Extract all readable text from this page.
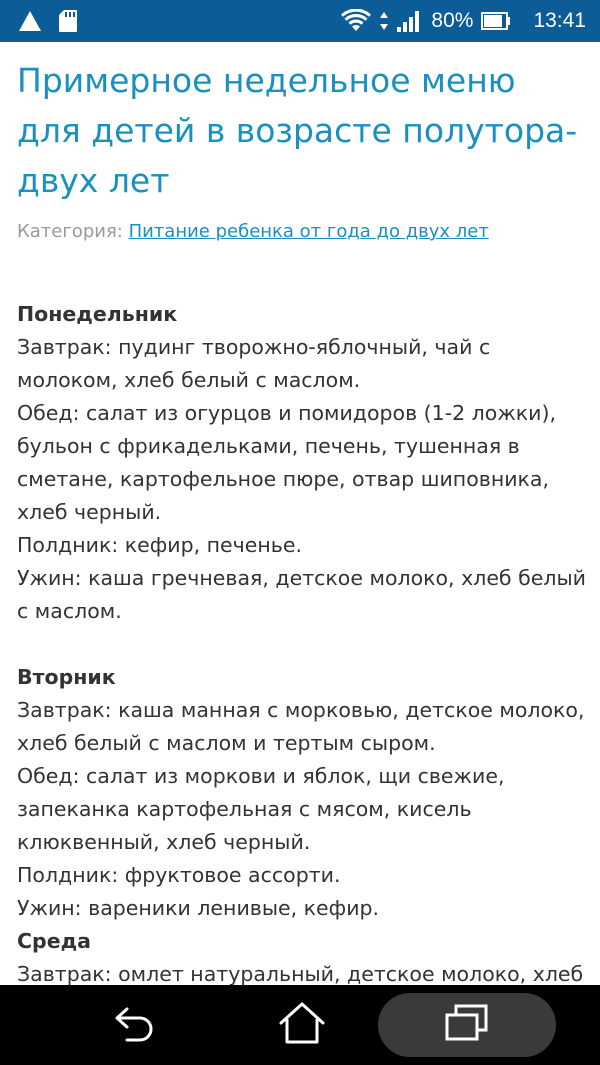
80%	13:41
Примерное недельное меню для детей в возрасте полутора-двух лет
Категория: Питание ребенка от года до двух лет
Понедельник
Завтрак: пудинг творожно-яблочный, чай с молоком, хлеб белый с маслом.
Обед: салат из огурцов и помидоров (1-2 ложки), бульон с фрикадельками, печень, тушенная в сметане, картофельное пюре, отвар шиповника, хлеб черный.
Полдник: кефир, печенье.
Ужин: каша гречневая, детское молоко, хлеб белый с маслом.
Вторник
Завтрак: каша манная с морковью, детское молоко, хлеб белый с маслом и тертым сыром.
Обед: салат из моркови и яблок, щи свежие, запеканка картофельная с мясом, кисель клюквенный, хлеб черный.
Полдник: фруктовое ассорти.
Ужин: вареники ленивые, кефир.
Среда
Завтрак: омлет натуральный, детское молоко, хлеб
